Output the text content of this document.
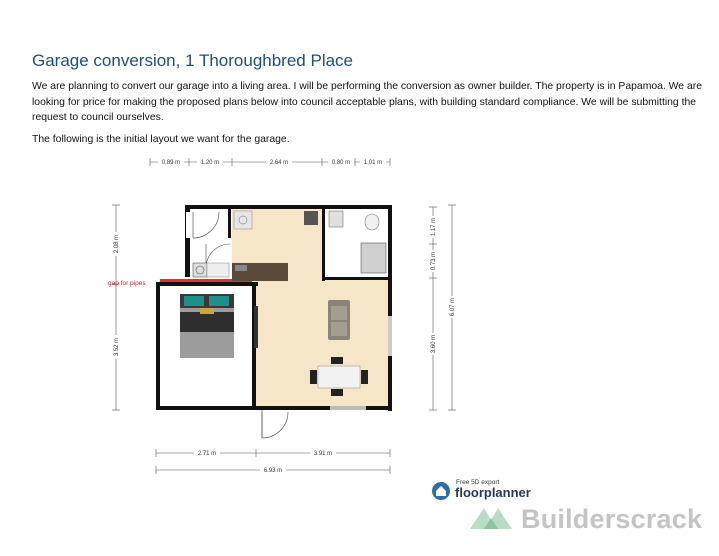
Garage conversion, 1 Thoroughbred Place

We are planning to convert our garage into a living area. I will be performing the conversion as owner builder. The property is in Papamoa. We are looking for price for making the proposed plans below into council acceptable plans, with building standard compliance. We will be submitting the request to council ourselves.

The following is the initial layout we want for the garage.

0.89 m	1.20 m	2.64 m	0.80 m 1.01 m
2.08 m
3.52 m
1.17 m
0.73 m
3.60 m
6.07 m
2.71 m	3.91 m
6.93 m
gap for pipes
Free 5D export
floorplanner
Builderscrack
